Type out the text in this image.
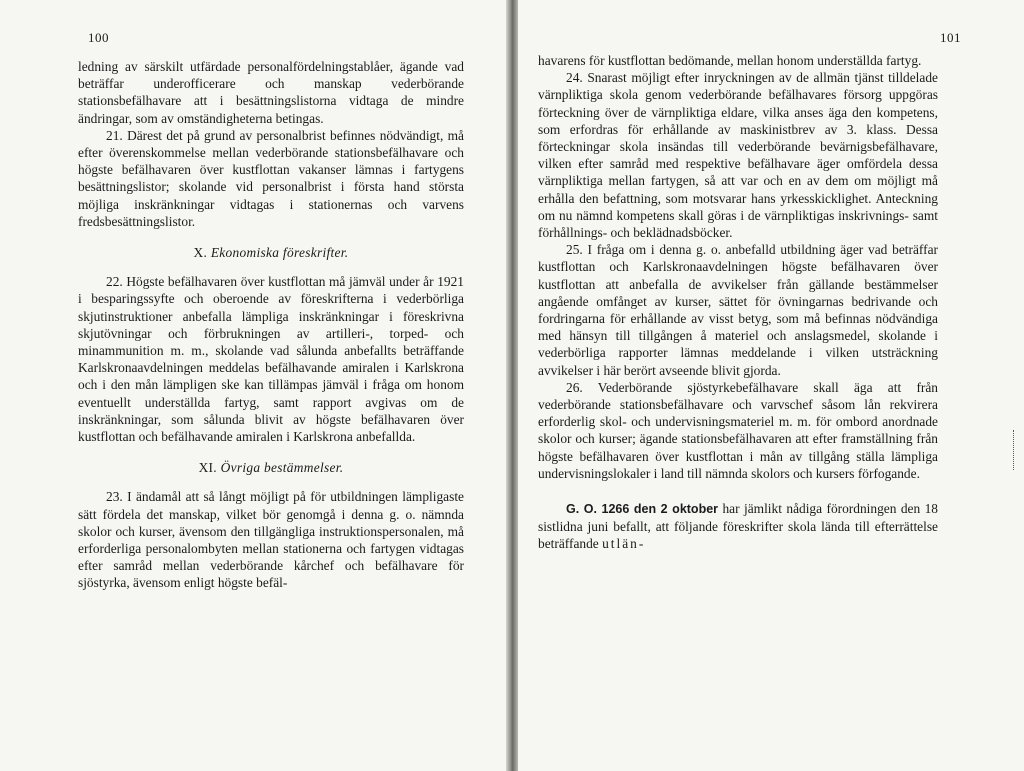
100

ledning av särskilt utfärdade personalfördelningstablåer, ägande vad beträffar underofficerare och manskap vederbörande stationsbefälhavare att i besättningslistorna vidtaga de mindre ändringar, som av omständigheterna betingas.

21. Därest det på grund av personalbrist befinnes nödvändigt, må efter överenskommelse mellan vederbörande stationsbefälhavare och högste befälhavaren över kustflottan vakanser lämnas i fartygens besättningslistor; skolande vid personalbrist i första hand största möjliga inskränkningar vidtagas i stationernas och varvens fredsbesättningslistor.

X. Ekonomiska föreskrifter.

22. Högste befälhavaren över kustflottan må jämväl under år 1921 i besparingssyfte och oberoende av föreskrifterna i vederbörliga skjutinstruktioner anbefalla lämpliga inskränkningar i föreskrivna skjutövningar och förbrukningen av artilleri-, torped- och minammunition m. m., skolande vad sålunda anbefallts beträffande Karlskronaavdelningen meddelas befälhavande amiralen i Karlskrona och i den mån lämpligen ske kan tillämpas jämväl i fråga om honom eventuellt underställda fartyg, samt rapport avgivas om de inskränkningar, som sålunda blivit av högste befälhavaren över kustflottan och befälhavande amiralen i Karlskrona anbefallda.

XI. Övriga bestämmelser.

23. I ändamål att så långt möjligt på för utbildningen lämpligaste sätt fördela det manskap, vilket bör genomgå i denna g. o. nämnda skolor och kurser, ävensom den tillgängliga instruktionspersonalen, må erforderliga personalombyten mellan stationerna och fartygen vidtagas efter samråd mellan vederbörande kårchef och befälhavare för sjöstyrka, ävensom enligt högste befäl-

101

havarens för kustflottan bedömande, mellan honom underställda fartyg.

24. Snarast möjligt efter inryckningen av de allmän tjänst tilldelade värnpliktiga skola genom vederbörande befälhavares försorg uppgöras förteckning över de värnpliktiga eldare, vilka anses äga den kompetens, som erfordras för erhållande av maskinistbrev av 3. klass. Dessa förteckningar skola insändas till vederbörande bevärnigsbefälhavare, vilken efter samråd med respektive befälhavare äger omfördela dessa värnpliktiga mellan fartygen, så att var och en av dem om möjligt må erhålla den befattning, som motsvarar hans yrkesskicklighet. Anteckning om nu nämnd kompetens skall göras i de värnpliktigas inskrivnings- samt förhållnings- och beklädnadsböcker.

25. I fråga om i denna g. o. anbefalld utbildning äger vad beträffar kustflottan och Karlskronaavdelningen högste befälhavaren över kustflottan att anbefalla de avvikelser från gällande bestämmelser angående omfånget av kurser, sättet för övningarnas bedrivande och fordringarna för erhållande av visst betyg, som må befinnas nödvändiga med hänsyn till tillgången å materiel och anslagsmedel, skolande i vederbörliga rapporter lämnas meddelande i vilken utsträckning avvikelser i här berört avseende blivit gjorda.

26. Vederbörande sjöstyrkebefälhavare skall äga att från vederbörande stationsbefälhavare och varvschef såsom lån rekvirera erforderlig skol- och undervisningsmateriel m. m. för ombord anordnade skolor och kurser; ägande stationsbefälhavaren att efter framställning från högste befälhavaren över kustflottan i mån av tillgång ställa lämpliga undervisningslokaler i land till nämnda skolors och kursers förfogande.

G. O. 1266 den 2 oktober har jämlikt nådiga förordningen den 18 sistlidna juni befallt, att följande föreskrifter skola lända till efterrättelse beträffande utlän-
